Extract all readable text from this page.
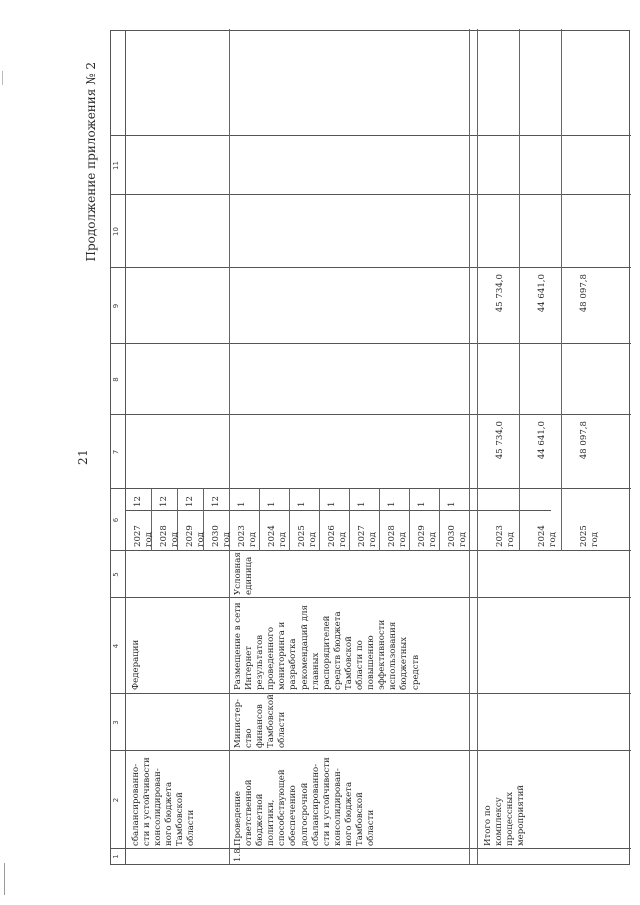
21
Продолжение приложения № 2
1
2
3
4
5
6
7
8
9
10
11
сбалансированно-сти и устойчивости консолидирован-ного бюджета Тамбовской области
Федерации
2027 год
12
2028 год
12
2029 год
12
2030 год
12
1.8.
Проведение ответственной бюджетной политики, способствующей обеспечению долгосрочной сбалансированно-сти и устойчивости консолидирован-ного бюджета Тамбовской области
Министер-ство финансов Тамбовской области
Размещение в сети Интернет результатов проведенного мониторинга и разработка рекомендаций для главных распорядителей средств бюджета Тамбовской области по повышению эффективности использования бюджетных средств
Условная единица
2023 год
1
2024 год
1
2025 год
1
2026 год
1
2027 год
1
2028 год
1
2029 год
1
2030 год
1
Итого по комплексу процессных мероприятий
2023 год
45 734,0
45 734,0
2024 год
44 641,0
44 641,0
2025 год
48 097,8
48 097,8
